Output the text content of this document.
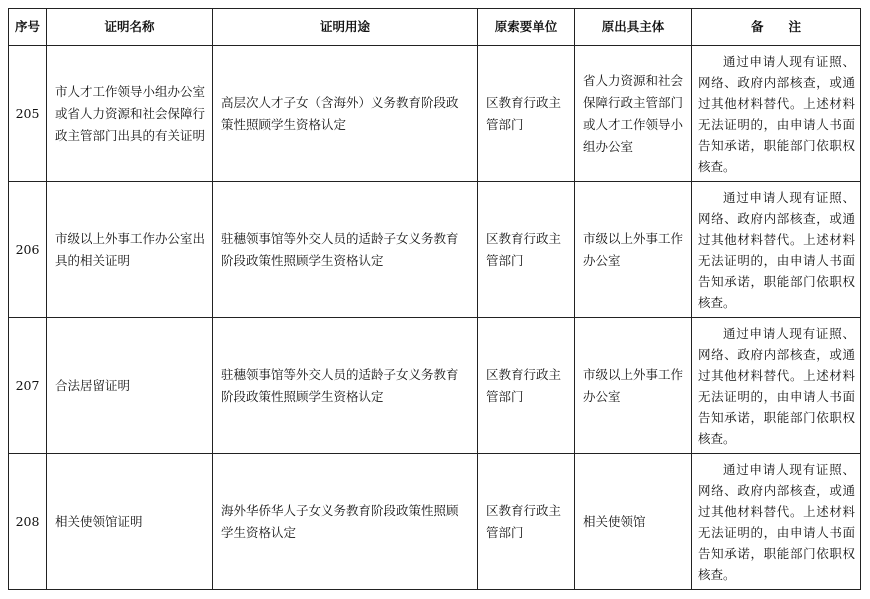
序号	证明名称	证明用途	原索要单位	原出具主体	备　　注
205	市人才工作领导小组办公室或省人力资源和社会保障行政主管部门出具的有关证明	高层次人才子女（含海外）义务教育阶段政策性照顾学生资格认定	区教育行政主管部门	省人力资源和社会保障行政主管部门或人才工作领导小组办公室	通过申请人现有证照、网络、政府内部核查，或通过其他材料替代。上述材料无法证明的，由申请人书面告知承诺，职能部门依职权核查。
206	市级以上外事工作办公室出具的相关证明	驻穗领事馆等外交人员的适龄子女义务教育阶段政策性照顾学生资格认定	区教育行政主管部门	市级以上外事工作办公室	通过申请人现有证照、网络、政府内部核查，或通过其他材料替代。上述材料无法证明的，由申请人书面告知承诺，职能部门依职权核查。
207	合法居留证明	驻穗领事馆等外交人员的适龄子女义务教育阶段政策性照顾学生资格认定	区教育行政主管部门	市级以上外事工作办公室	通过申请人现有证照、网络、政府内部核查，或通过其他材料替代。上述材料无法证明的，由申请人书面告知承诺，职能部门依职权核查。
208	相关使领馆证明	海外华侨华人子女义务教育阶段政策性照顾学生资格认定	区教育行政主管部门	相关使领馆	通过申请人现有证照、网络、政府内部核查，或通过其他材料替代。上述材料无法证明的，由申请人书面告知承诺，职能部门依职权核查。
